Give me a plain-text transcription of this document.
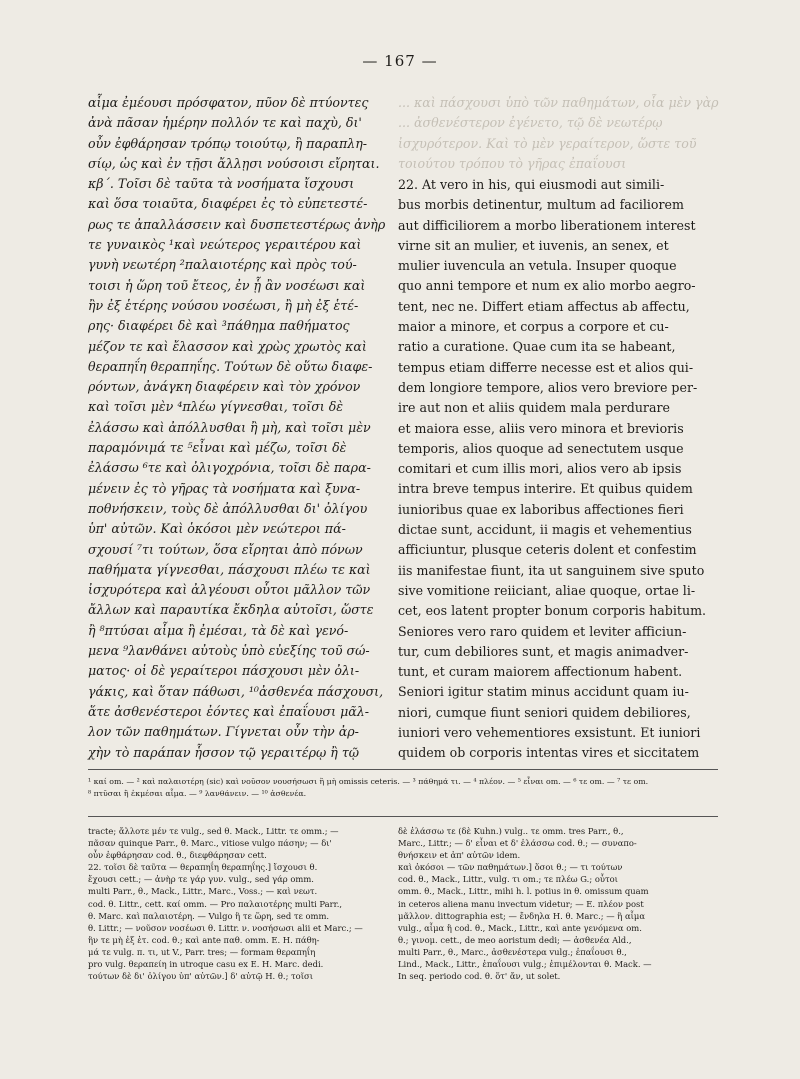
— 167 —
αἷμα ἐμέουσι πρόσφατον, πῦον δὲ πτύοντες
ἀνὰ πᾶσαν ἡμέρην πολλόν τε καὶ παχὺ, δι'
οὖν ἐφθάρησαν τρόπῳ τοιούτῳ, ἢ παραπλη-
σίῳ, ὡς καὶ ἐν τῇσι ἄλλῃσι νούσοισι εἴρηται.
κβ΄. Τοῖσι δὲ ταῦτα τὰ νοσήματα ἴσχουσι
καὶ ὅσα τοιαῦτα, διαφέρει ἐς τὸ εὐπετεστέ-
ρως τε ἀπαλλάσσειν καὶ δυσπετεστέρως ἀνὴρ
τε γυναικὸς ¹καὶ νεώτερος γεραιτέρου καὶ
γυνὴ νεωτέρη ²παλαιοτέρης καὶ πρὸς τού-
τοισι ἡ ὥρη τοῦ ἔτεος, ἐν ᾗ ἂν νοσέωσι καὶ
ἢν ἐξ ἑτέρης νούσου νοσέωσι, ἢ μὴ ἐξ ἑτέ-
ρης· διαφέρει δὲ καὶ ³πάθημα παθήματος
μέζον τε καὶ ἔλασσον καὶ χρὼς χρωτὸς καὶ
θεραπηΐη θεραπηΐης. Τούτων δὲ οὕτω διαφε-
ρόντων, ἀνάγκη διαφέρειν καὶ τὸν χρόνον
καὶ τοῖσι μὲν ⁴πλέω γίγνεσθαι, τοῖσι δὲ
ἐλάσσω καὶ ἀπόλλυσθαι ἢ μὴ, καὶ τοῖσι μὲν
παραμόνιμά τε ⁵εἶναι καὶ μέζω, τοῖσι δὲ
ἐλάσσω ⁶τε καὶ ὀλιγοχρόνια, τοῖσι δὲ παρα-
μένειν ἐς τὸ γῆρας τὰ νοσήματα καὶ ξυνα-
ποθνήσκειν, τοὺς δὲ ἀπόλλυσθαι δι' ὀλίγου
ὑπ' αὐτῶν. Καὶ ὁκόσοι μὲν νεώτεροι πά-
σχουσί ⁷τι τούτων, ὅσα εἴρηται ἀπὸ πόνων
παθήματα γίγνεσθαι, πάσχουσι πλέω τε καὶ
ἰσχυρότερα καὶ ἀλγέουσι οὗτοι μᾶλλον τῶν
ἄλλων καὶ παραυτίκα ἔκδηλα αὐτοῖσι, ὥστε
ἢ ⁸πτύσαι αἷμα ἢ ἐμέσαι, τὰ δὲ καὶ γενό-
μενα ⁹λανθάνει αὐτοὺς ὑπὸ εὐεξίης τοῦ σώ-
ματος· οἱ δὲ γεραίτεροι πάσχουσι μὲν ὀλι-
γάκις, καὶ ὅταν πάθωσι, ¹⁰ἀσθενέα πάσχουσι,
ἅτε ἀσθενέστεροι ἐόντες καὶ ἐπαΐουσι μᾶλ-
λον τῶν παθημάτων. Γίγνεται οὖν τὴν ἀρ-
χὴν τὸ παράπαν ἧσσον τῷ γεραιτέρῳ ἢ τῷ
... καὶ πάσχουσι ὑπὸ τῶν παθημάτων, οἷα μὲν γὰρ
... ἀσθενέστερον ἐγένετο, τῷ δὲ νεωτέρῳ
ἰσχυρότερον. Καὶ τὸ μὲν γεραίτερον, ὥστε τοῦ
τοιούτου τρόπου τὸ γῆρας ἐπαΐουσι
22. At vero in his, qui eiusmodi aut simili-
bus morbis detinentur, multum ad faciliorem
aut difficiliorem a morbo liberationem interest
virne sit an mulier, et iuvenis, an senex, et
mulier iuvencula an vetula. Insuper quoque
quo anni tempore et num ex alio morbo aegro-
tent, nec ne. Differt etiam affectus ab affectu,
maior a minore, et corpus a corpore et cu-
ratio a curatione. Quae cum ita se habeant,
tempus etiam differre necesse est et alios qui-
dem longiore tempore, alios vero breviore per-
ire aut non et aliis quidem mala perdurare
et maiora esse, aliis vero minora et brevioris
temporis, alios quoque ad senectutem usque
comitari et cum illis mori, alios vero ab ipsis
intra breve tempus interire. Et quibus quidem
iunioribus quae ex laboribus affectiones fieri
dictae sunt, accidunt, ii magis et vehementius
afficiuntur, plusque ceteris dolent et confestim
iis manifestae fiunt, ita ut sanguinem sive sputo
sive vomitione reiiciant, aliae quoque, ortae li-
cet, eos latent propter bonum corporis habitum.
Seniores vero raro quidem et leviter afficiun-
tur, cum debiliores sunt, et magis animadver-
tunt, et curam maiorem affectionum habent.
Seniori igitur statim minus accidunt quam iu-
niori, cumque fiunt seniori quidem debiliores,
iuniori vero vehementiores exsistunt. Et iuniori
quidem ob corporis intentas vires et siccitatem
¹ καί om. — ² καὶ παλαιοτέρη (sic) καὶ νοῦσον νουσήσωσι ἢ μὴ omissis ceteris. — ³ πάθημά τι. — ⁴ πλέον. — ⁵ εἶναι om. — ⁶ τε om. — ⁷ τε om.
⁸ πτῦσαι ἢ ἐκμέσαι αἷμα. — ⁹ λανθάνειν. — ¹⁰ ἀσθενέα.
tracte; ἄλλοτε μέν τε vulg., sed θ. Mack., Littr. τε omm.; —
πᾶσαν quinque Parr., θ. Marc., vitiose vulgo πάσην; — δι'
οὖν ἐφθάρησαν cod. θ., διεφθάρησαν cett.
22. τοῖσι δὲ ταῦτα — θεραπηΐη θεραπηΐης.] ἴσχουσι θ.
ἔχουσι cett.; — ἀνὴρ τε γάρ γυν. vulg., sed γάρ omm.
multi Parr., θ., Mack., Littr., Marc., Voss.; — καὶ νεωτ.
cod. θ. Littr., cett. καί omm. — Pro παλαιοτέρης multi Parr.,
θ. Marc. καὶ παλαιοτέρη. — Vulgo ἢ τε ὥρη, sed τε omm.
θ. Littr.; — νοῦσον νοσέωσι θ. Littr. ν. νοσήσωσι alii et Marc.; —
ἢν τε μὴ ἐξ ἑτ. cod. θ.; καὶ ante παθ. omm. E. H. πάθη-
μά τε vulg. π. τι, ut V., Parr. tres; — formam θεραπηΐη
pro vulg. θεραπείη in utroque casu ex E. H. Marc. dedi.
τούτων δὲ δι' ὀλίγου ὑπ' αὐτῶν.] δ' αὐτῷ H. θ.; τοῖσι
δὲ ἐλάσσω τε (δὲ Kuhn.) vulg.. τε omm. tres Parr., θ.,
Marc., Littr.; — δ' εἶναι et δ' ἐλάσσω cod. θ.; — συναπο-
θνήσκειν et ἀπ' αὐτῶν idem.
καὶ ὁκόσοι — τῶν παθημάτων.] ὅσοι θ.; — τι τούτων
cod. θ., Mack., Littr., vulg. τι om.; τε πλέω G.; οὗτοι
omm. θ., Mack., Littr., mihi h. l. potius in θ. omissum quam
in ceteros aliena manu invectum videtur; — E. πλέον post
μᾶλλον. dittographia est; — ἔνδηλα H. θ. Marc.; — ἢ αἷμα
vulg., αἷμα ἢ cod. θ., Mack., Littr., καὶ ante γενόμενα om.
θ.; γινομ. cett., de meo aoristum dedi; — ἀσθενέα Ald.,
multi Parr., θ., Marc., ἀσθενέστερα vulg.; ἐπαΐουσι θ.,
Lind., Mack., Littr., ἐπαΐουσι vulg.; ἐπιμέλονται θ. Mack. —
In seq. periodo cod. θ. ὅτ' ἄν, ut solet.
